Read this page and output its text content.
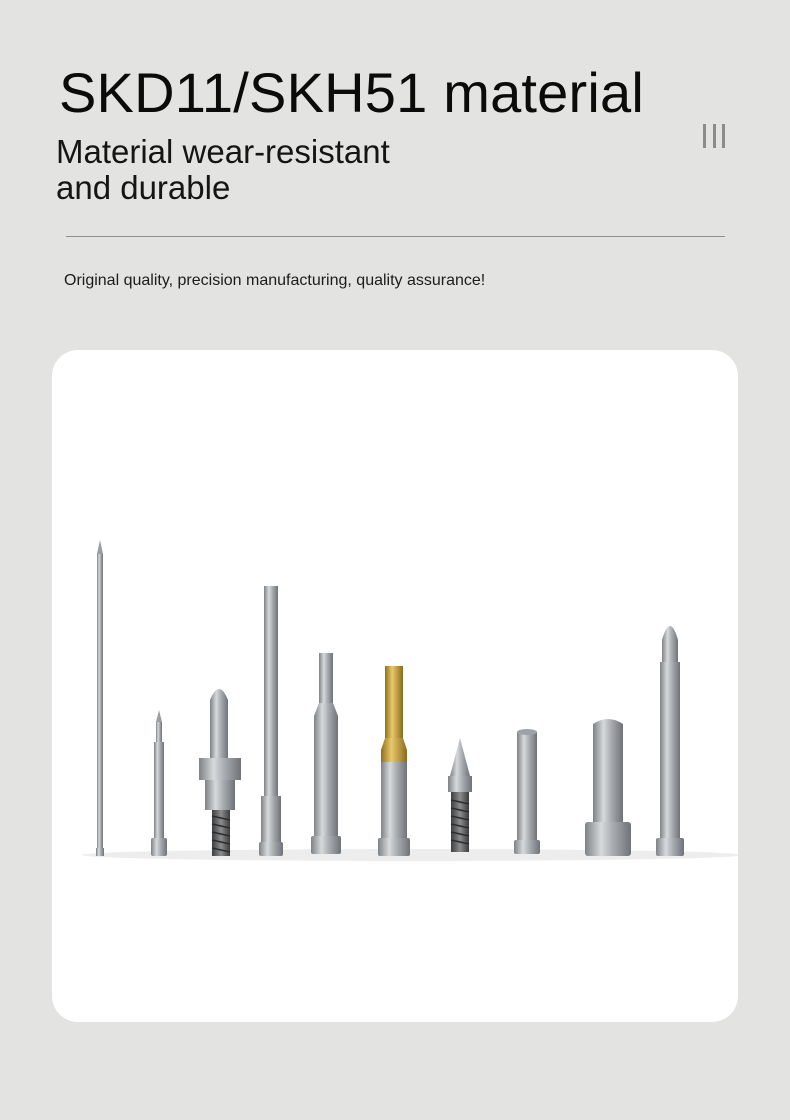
SKD11/SKH51 material
Material wear-resistant
and durable
Original quality, precision manufacturing, quality assurance!
